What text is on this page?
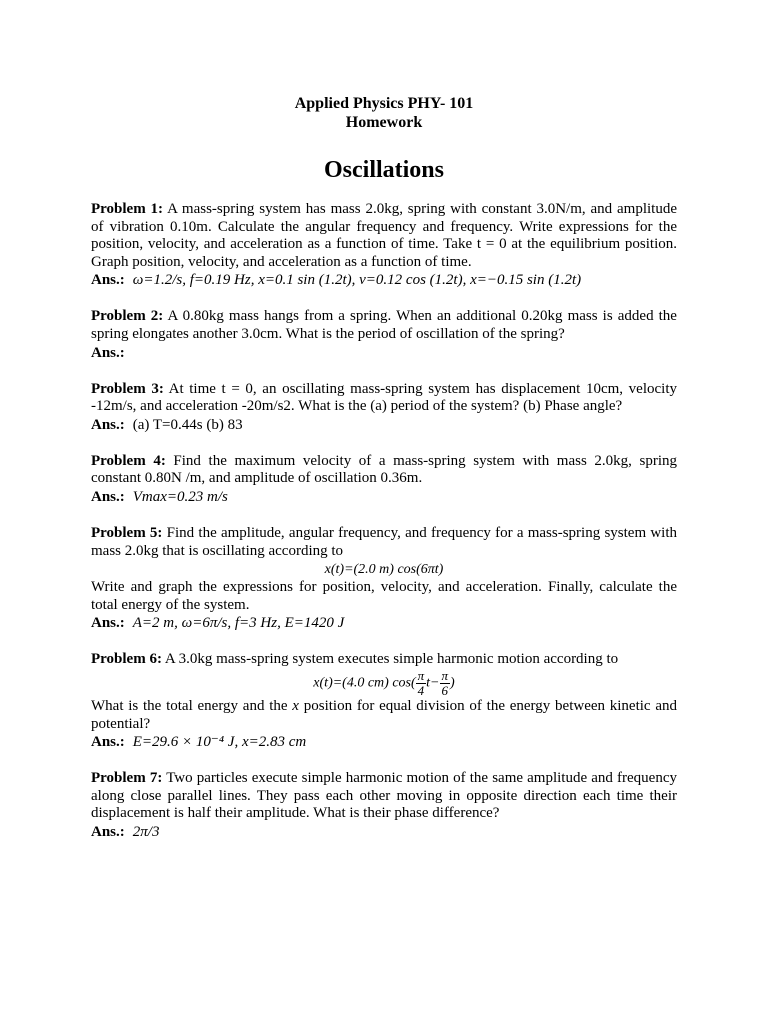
Applied Physics PHY- 101
Homework
Oscillations

Problem 1: A mass-spring system has mass 2.0kg, spring with constant 3.0N/m, and amplitude of vibration 0.10m. Calculate the angular frequency and frequency. Write expressions for the position, velocity, and acceleration as a function of time. Take t = 0 at the equilibrium position. Graph position, velocity, and acceleration as a function of time.

Ans.: ω=1.2/s, f=0.19 Hz, x=0.1 sin (1.2t), v=0.12 cos (1.2t), x=−0.15 sin (1.2t)

Problem 2: A 0.80kg mass hangs from a spring. When an additional 0.20kg mass is added the spring elongates another 3.0cm. What is the period of oscillation of the spring?

Ans.:

Problem 3: At time t = 0, an oscillating mass-spring system has displacement 10cm, velocity -12m/s, and acceleration -20m/s2. What is the (a) period of the system? (b) Phase angle?

Ans.: (a) T=0.44s (b) 83

Problem 4: Find the maximum velocity of a mass-spring system with mass 2.0kg, spring constant 0.80N /m, and amplitude of oscillation 0.36m.

Ans.: Vmax=0.23 m/s

Problem 5: Find the amplitude, angular frequency, and frequency for a mass-spring system with mass 2.0kg that is oscillating according to

x(t)=(2.0 m) cos(6πt)

Write and graph the expressions for position, velocity, and acceleration. Finally, calculate the total energy of the system.

Ans.: A=2 m, ω=6π/s, f=3 Hz, E=1420 J

Problem 6: A 3.0kg mass-spring system executes simple harmonic motion according to

x(t)=(4.0 cm) $\cos( \frac{\pi}{4} t- \frac{\pi}{6}$ )

What is the total energy and the x position for equal division of the energy between kinetic and potential?

Ans.: E=29.6 × 10⁻⁴ J, x=2.83 cm

Problem 7: Two particles execute simple harmonic motion of the same amplitude and frequency along close parallel lines. They pass each other moving in opposite direction each time their displacement is half their amplitude. What is their phase difference?

Ans.: 2π/3
